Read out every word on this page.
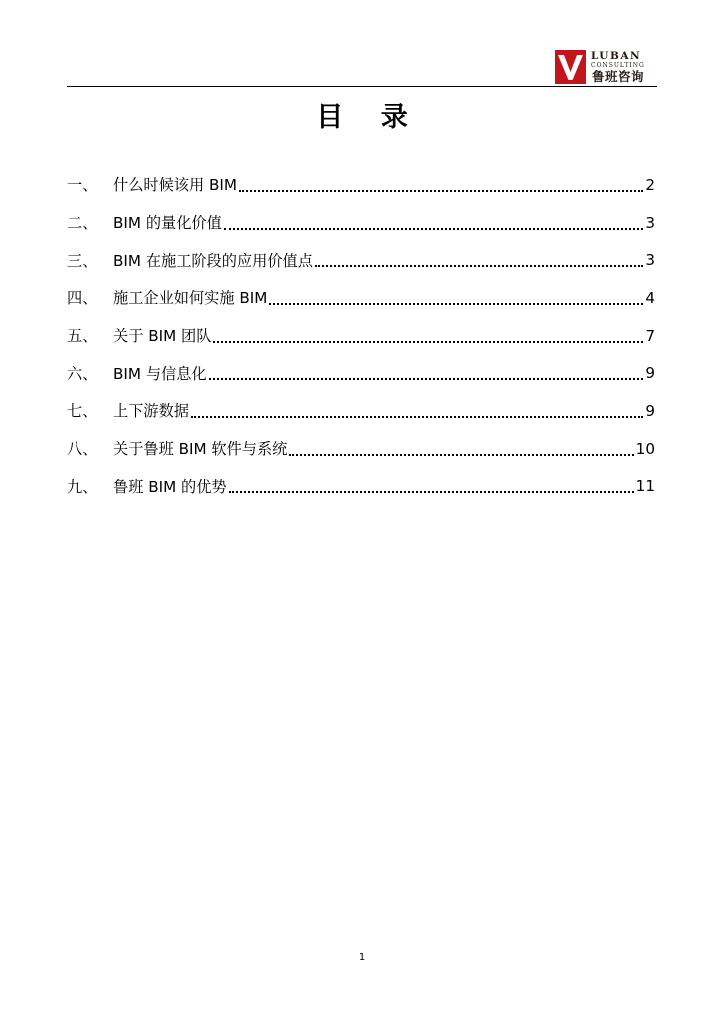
LUBAN
CONSULTING
鲁班咨询
目 录
一、	什么时候该用 BIM	2
二、	BIM 的量化价值	3
三、	BIM 在施工阶段的应用价值点	3
四、	施工企业如何实施 BIM	4
五、	关于 BIM 团队	7
六、	BIM 与信息化	9
七、	上下游数据	9
八、	关于鲁班 BIM 软件与系统	10
九、	鲁班 BIM 的优势	11
1
